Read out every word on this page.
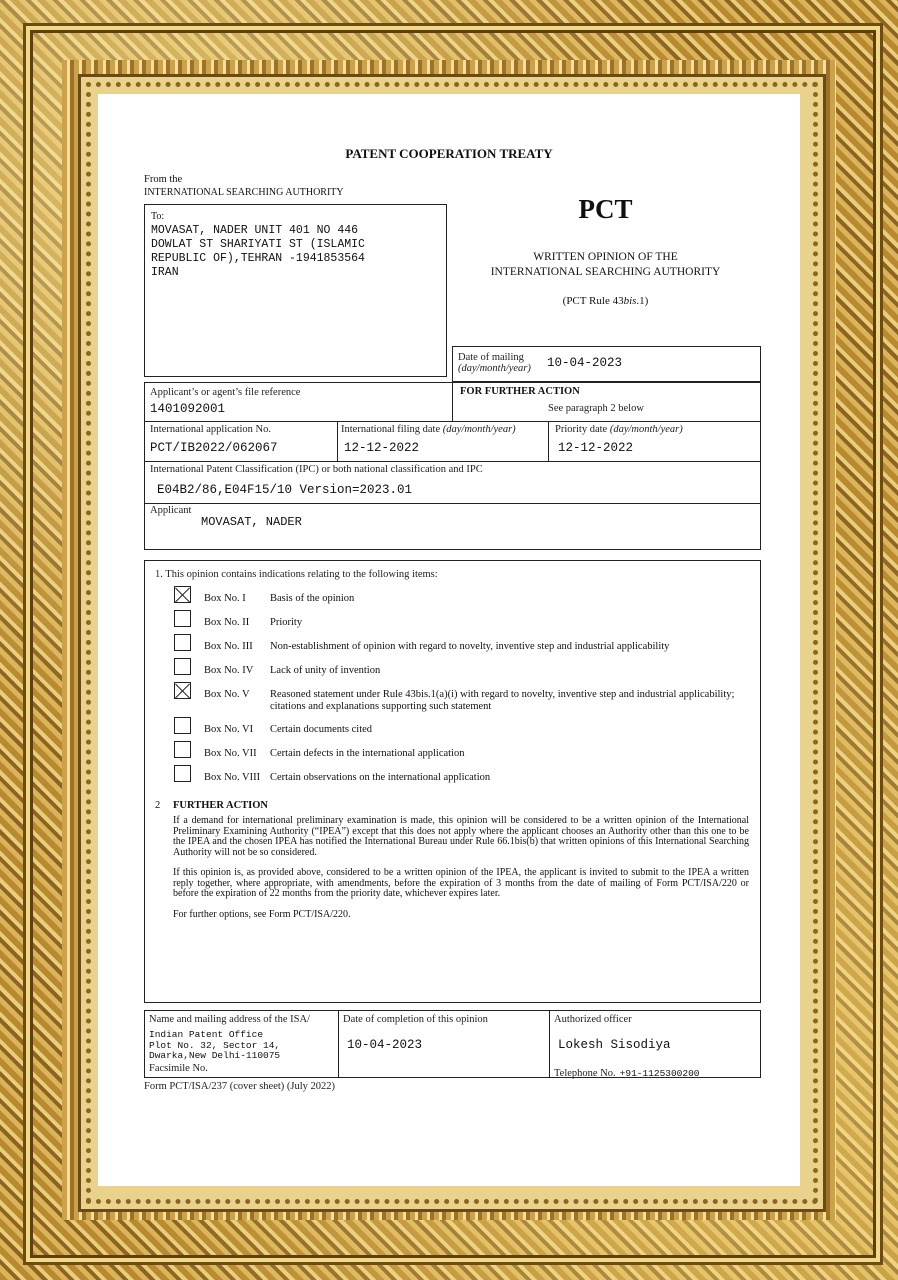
PATENT COOPERATION TREATY
From the
INTERNATIONAL SEARCHING AUTHORITY
PCT
WRITTEN OPINION OF THE
INTERNATIONAL SEARCHING AUTHORITY
(PCT Rule 43bis.1)
To:
MOVASAT, NADER UNIT 401 NO 446
DOWLAT ST SHARIYATI ST (ISLAMIC
REPUBLIC OF),TEHRAN -1941853564
IRAN
Date of mailing
(day/month/year) 10-04-2023
Applicant’s or agent’s file reference
1401092001
FOR FURTHER ACTION
See paragraph 2 below
International application No.
PCT/IB2022/062067
International filing date (day/month/year)
12-12-2022
Priority date (day/month/year)
12-12-2022
International Patent Classification (IPC) or both national classification and IPC
E04B2/86,E04F15/10 Version=2023.01
Applicant
MOVASAT, NADER
1. This opinion contains indications relating to the following items:
Box No. I Basis of the opinion
Box No. II Priority
Box No. III Non-establishment of opinion with regard to novelty, inventive step and industrial applicability
Box No. IV Lack of unity of invention
Box No. V Reasoned statement under Rule 43bis.1(a)(i) with regard to novelty, inventive step and industrial applicability; citations and explanations supporting such statement
Box No. VI Certain documents cited
Box No. VII Certain defects in the international application
Box No. VIII Certain observations on the international application
2 FURTHER ACTION
If a demand for international preliminary examination is made, this opinion will be considered to be a written opinion of the International Preliminary Examining Authority (“IPEA”) except that this does not apply where the applicant chooses an Authority other than this one to be the IPEA and the chosen IPEA has notified the International Bureau under Rule 66.1bis(b) that written opinions of this International Searching Authority will not be so considered.
If this opinion is, as provided above, considered to be a written opinion of the IPEA, the applicant is invited to submit to the IPEA a written reply together, where appropriate, with amendments, before the expiration of 3 months from the date of mailing of Form PCT/ISA/220 or before the expiration of 22 months from the priority date, whichever expires later.
For further options, see Form PCT/ISA/220.
Name and mailing address of the ISA/
Indian Patent Office
Plot No. 32, Sector 14,
Dwarka,New Delhi-110075
Facsimile No.
Date of completion of this opinion
10-04-2023
Authorized officer
Lokesh Sisodiya
Telephone No. +91-1125300200
Form PCT/ISA/237 (cover sheet) (July 2022)
